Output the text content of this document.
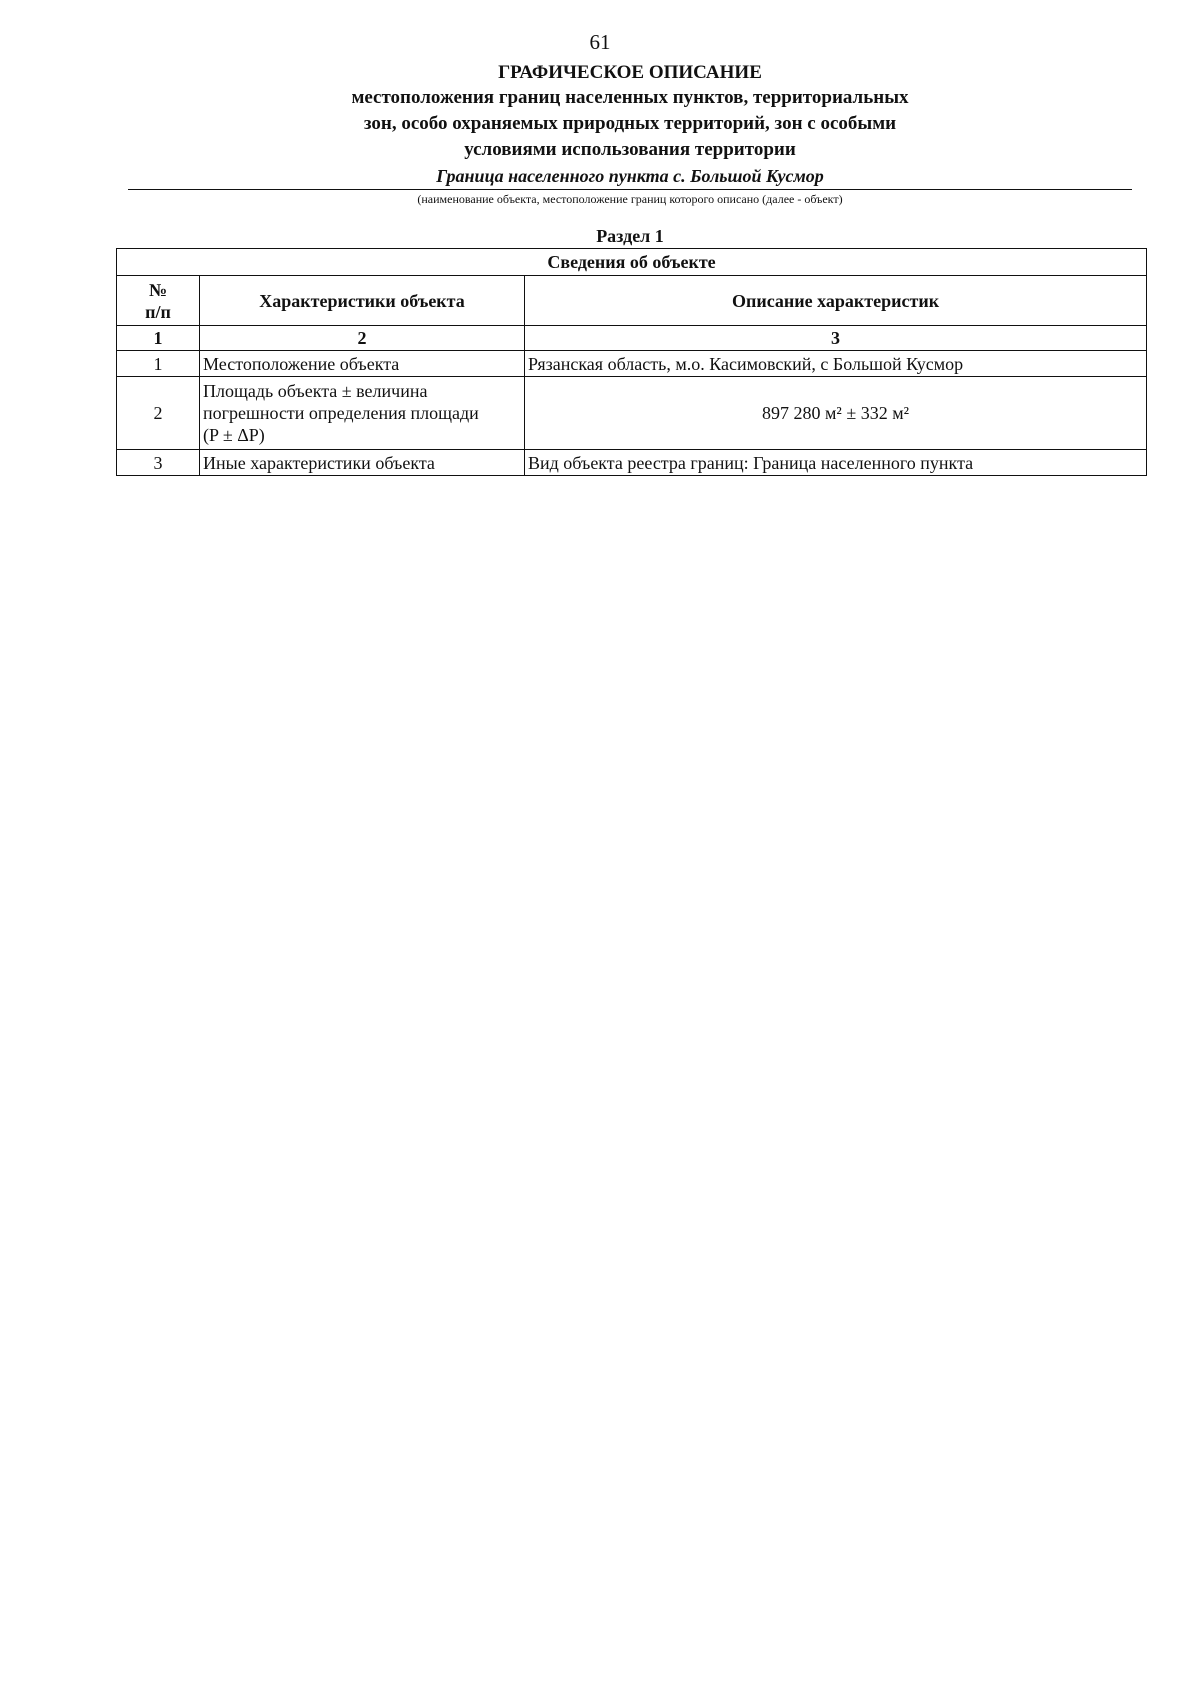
61
ГРАФИЧЕСКОЕ ОПИСАНИЕ
местоположения границ населенных пунктов, территориальных
зон, особо охраняемых природных территорий, зон с особыми
условиями использования территории
Граница населенного пункта с. Большой Кусмор
(наименование объекта, местоположение границ которого описано (далее - объект)
Раздел 1
Сведения об объекте		
№
п/п	Характеристики объекта	Описание характеристик
1	2	3
1	Местоположение объекта	Рязанская область, м.о. Касимовский, с Большой Кусмор
2	Площадь объекта ± величина
погрешности определения площади
(P ± ΔP)	897 280 м² ± 332 м²
3	Иные характеристики объекта	Вид объекта реестра границ: Граница населенного пункта
